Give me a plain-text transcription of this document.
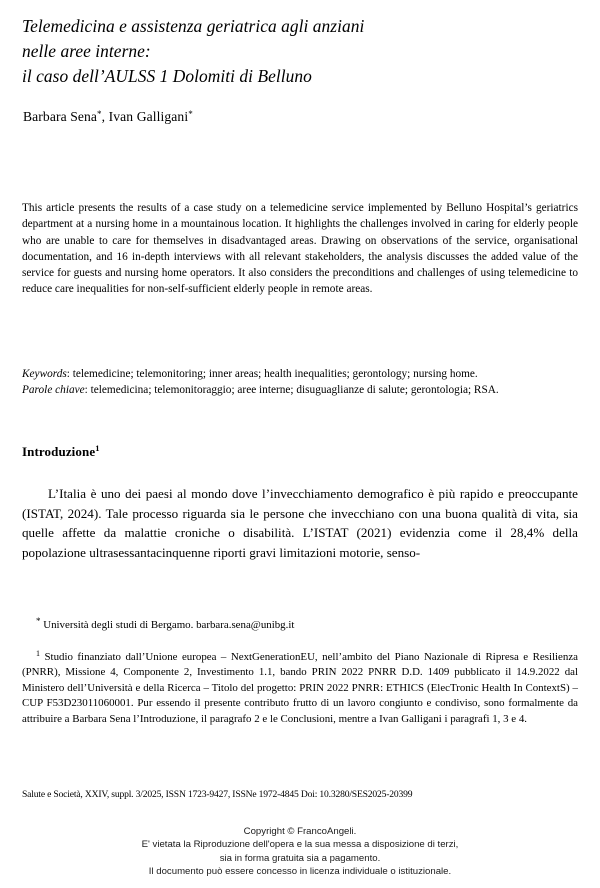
Telemedicina e assistenza geriatrica agli anziani
nelle aree interne:
il caso dell’AULSS 1 Dolomiti di Belluno
Barbara Sena*, Ivan Galligani*
This article presents the results of a case study on a telemedicine service implemented by Belluno Hospital’s geriatrics department at a nursing home in a mountainous location. It highlights the challenges involved in caring for elderly people who are unable to care for themselves in disadvantaged areas. Drawing on observations of the service, organisational documentation, and 16 in-depth interviews with all relevant stakeholders, the analysis discusses the added value of the service for guests and nursing home operators. It also considers the preconditions and challenges of using telemedicine to reduce care inequalities for non-self-sufficient elderly people in remote areas.
Keywords: telemedicine; telemonitoring; inner areas; health inequalities; gerontology; nursing home.
Parole chiave: telemedicina; telemonitoraggio; aree interne; disuguaglianze di salute; gerontologia; RSA.
Introduzione$^1$
L’Italia è uno dei paesi al mondo dove l’invecchiamento demografico è più rapido e preoccupante (ISTAT, 2024). Tale processo riguarda sia le persone che invecchiano con una buona qualità di vita, sia quelle affette da malattie croniche o disabilità. L’ISTAT (2021) evidenzia come il 28,4% della popolazione ultrasessantacinquenne riporti gravi limitazioni motorie, senso-

* Università degli studi di Bergamo. barbara.sena@unibg.it

$^1$ Studio finanziato dall’Unione europea – NextGenerationEU, nell’ambito del Piano Nazionale di Ripresa e Resilienza (PNRR), Missione 4, Componente 2, Investimento 1.1, bando PRIN 2022 PNRR D.D. 1409 pubblicato il 14.9.2022 dal Ministero dell’Università e della Ricerca – Titolo del progetto: PRIN 2022 PNRR: ETHICS (ElecTronic Health In ContextS) – CUP F53D23011060001. Pur essendo il presente contributo frutto di un lavoro congiunto e condiviso, sono formalmente da attribuire a Barbara Sena l’Introduzione, il paragrafo 2 e le Conclusioni, mentre a Ivan Galligani i paragrafi 1, 3 e 4.

Salute e Società, XXIV, suppl. 3/2025, ISSN 1723-9427, ISSNe 1972-4845 Doi: 10.3280/SES2025-20399
Copyright © FrancoAngeli.
E' vietata la Riproduzione dell'opera e la sua messa a disposizione di terzi,
sia in forma gratuita sia a pagamento.
Il documento può essere concesso in licenza individuale o istituzionale.
